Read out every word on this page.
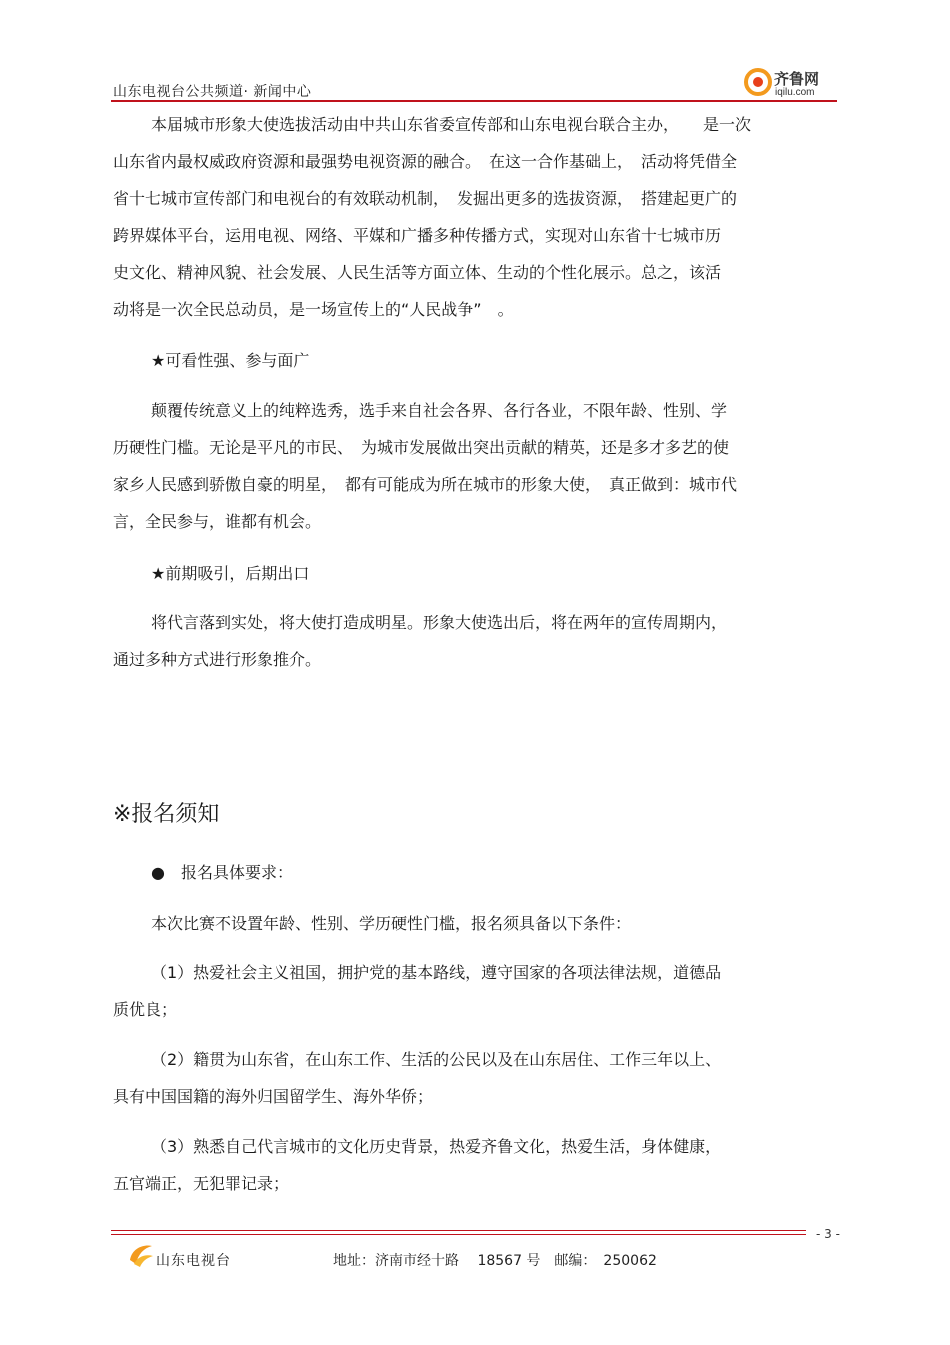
山东电视台公共频道· 新闻中心
齐鲁网
iqilu.com
本届城市形象大使选拔活动由中共山东省委宣传部和山东电视台联合主办，　　是一次
山东省内最权威政府资源和最强势电视资源的融合。　在这一合作基础上，　活动将凭借全
省十七城市宣传部门和电视台的有效联动机制，　发掘出更多的选拔资源，　搭建起更广的
跨界媒体平台，运用电视、网络、平媒和广播多种传播方式，实现对山东省十七城市历
史文化、精神风貌、社会发展、人民生活等方面立体、生动的个性化展示。总之，该活
动将是一次全民总动员，是一场宣传上的“人民战争”　。
★可看性强、参与面广
颠覆传统意义上的纯粹选秀，选手来自社会各界、各行各业，不限年龄、性别、学
历硬性门槛。无论是平凡的市民、　为城市发展做出突出贡献的精英，还是多才多艺的使
家乡人民感到骄傲自豪的明星，　都有可能成为所在城市的形象大使，　真正做到：城市代
言，全民参与，谁都有机会。
★前期吸引，后期出口
将代言落到实处，将大使打造成明星。形象大使选出后，将在两年的宣传周期内，
通过多种方式进行形象推介。
※报名须知
●　报名具体要求：
本次比赛不设置年龄、性别、学历硬性门槛，报名须具备以下条件：
（1）热爱社会主义祖国，拥护党的基本路线，遵守国家的各项法律法规，道德品
质优良；
（2）籍贯为山东省，在山东工作、生活的公民以及在山东居住、工作三年以上、
具有中国国籍的海外归国留学生、海外华侨；
（3）熟悉自己代言城市的文化历史背景，热爱齐鲁文化，热爱生活，身体健康，
五官端正，无犯罪记录；
- 3 -
山东电视台	地址：济南市经十路　 18567 号　邮编：　250062
